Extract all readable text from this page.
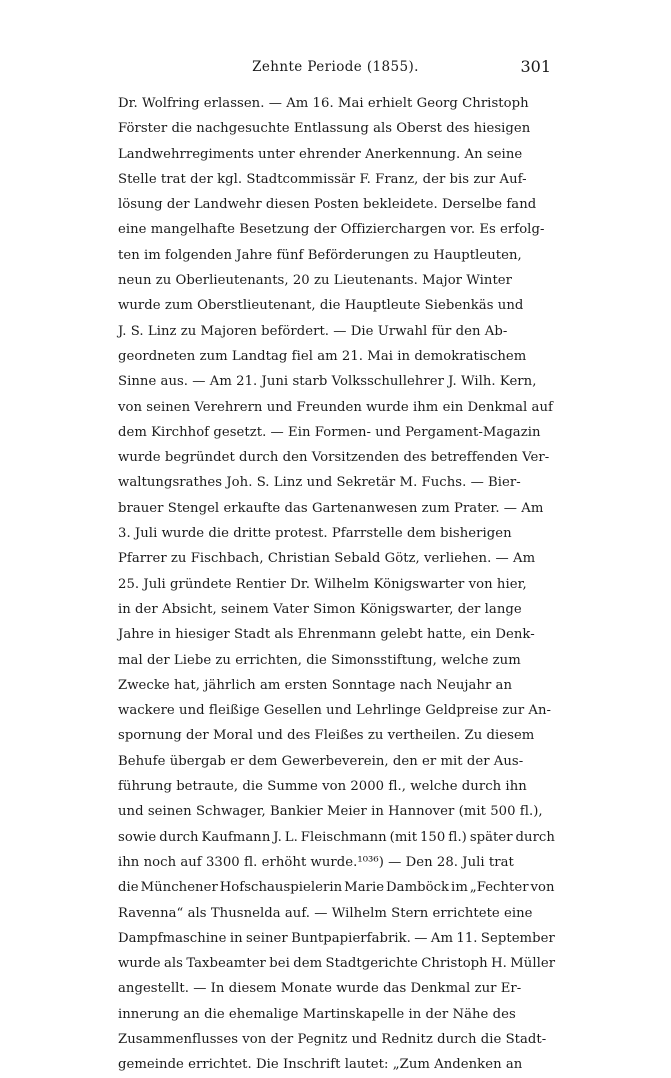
Zehnte Periode (1855).	301
Dr. Wolfring erlassen. — Am 16. Mai erhielt Georg Christoph
Förster die nachgesuchte Entlassung als Oberst des hiesigen
Landwehrregiments unter ehrender Anerkennung. An seine
Stelle trat der kgl. Stadtcommissär F. Franz, der bis zur Auf-
lösung der Landwehr diesen Posten bekleidete. Derselbe fand
eine mangelhafte Besetzung der Offizierchargen vor. Es erfolg-
ten im folgenden Jahre fünf Beförderungen zu Hauptleuten,
neun zu Oberlieutenants, 20 zu Lieutenants. Major Winter
wurde zum Oberstlieutenant, die Hauptleute Siebenkäs und
J. S. Linz zu Majoren befördert. — Die Urwahl für den Ab-
geordneten zum Landtag fiel am 21. Mai in demokratischem
Sinne aus. — Am 21. Juni starb Volksschullehrer J. Wilh. Kern,
von seinen Verehrern und Freunden wurde ihm ein Denkmal auf
dem Kirchhof gesetzt. — Ein Formen- und Pergament-Magazin
wurde begründet durch den Vorsitzenden des betreffenden Ver-
waltungsrathes Joh. S. Linz und Sekretär M. Fuchs. — Bier-
brauer Stengel erkaufte das Gartenanwesen zum Prater. — Am
3. Juli wurde die dritte protest. Pfarrstelle dem bisherigen
Pfarrer zu Fischbach, Christian Sebald Götz, verliehen. — Am
25. Juli gründete Rentier Dr. Wilhelm Königswarter von hier,
in der Absicht, seinem Vater Simon Königswarter, der lange
Jahre in hiesiger Stadt als Ehrenmann gelebt hatte, ein Denk-
mal der Liebe zu errichten, die Simonsstiftung, welche zum
Zwecke hat, jährlich am ersten Sonntage nach Neujahr an
wackere und fleißige Gesellen und Lehrlinge Geldpreise zur An-
spornung der Moral und des Fleißes zu vertheilen. Zu diesem
Behufe übergab er dem Gewerbeverein, den er mit der Aus-
führung betraute, die Summe von 2000 fl., welche durch ihn
und seinen Schwager, Bankier Meier in Hannover (mit 500 fl.),
sowie durch Kaufmann J. L. Fleischmann (mit 150 fl.) später durch
ihn noch auf 3300 fl. erhöht wurde.¹⁰³⁶) — Den 28. Juli trat
die Münchener Hofschauspielerin Marie Damböck im „Fechter von
Ravenna“ als Thusnelda auf. — Wilhelm Stern errichtete eine
Dampfmaschine in seiner Buntpapierfabrik. — Am 11. September
wurde als Taxbeamter bei dem Stadtgerichte Christoph H. Müller
angestellt. — In diesem Monate wurde das Denkmal zur Er-
innerung an die ehemalige Martinskapelle in der Nähe des
Zusammenflusses von der Pegnitz und Rednitz durch die Stadt-
gemeinde errichtet. Die Inschrift lautet: „Zum Andenken an
